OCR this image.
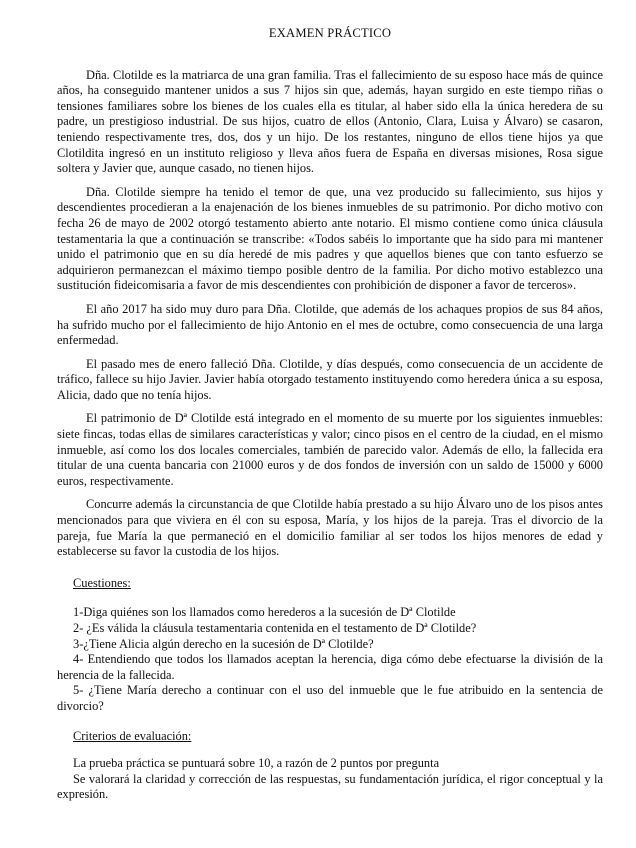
EXAMEN PRÁCTICO

Dña. Clotilde es la matriarca de una gran familia. Tras el fallecimiento de su esposo hace más de quince años, ha conseguido mantener unidos a sus 7 hijos sin que, además, hayan surgido en este tiempo riñas o tensiones familiares sobre los bienes de los cuales ella es titular, al haber sido ella la única heredera de su padre, un prestigioso industrial. De sus hijos, cuatro de ellos (Antonio, Clara, Luisa y Álvaro) se casaron, teniendo respectivamente tres, dos, dos y un hijo. De los restantes, ninguno de ellos tiene hijos ya que Clotildita ingresó en un instituto religioso y lleva años fuera de España en diversas misiones, Rosa sigue soltera y Javier que, aunque casado, no tienen hijos.

Dña. Clotilde siempre ha tenido el temor de que, una vez producido su fallecimiento, sus hijos y descendientes procedieran a la enajenación de los bienes inmuebles de su patrimonio. Por dicho motivo con fecha 26 de mayo de 2002 otorgó testamento abierto ante notario. El mismo contiene como única cláusula testamentaria la que a continuación se transcribe: «Todos sabéis lo importante que ha sido para mi mantener unido el patrimonio que en su día heredé de mis padres y que aquellos bienes que con tanto esfuerzo se adquirieron permanezcan el máximo tiempo posible dentro de la familia. Por dicho motivo establezco una sustitución fideicomisaria a favor de mis descendientes con prohibición de disponer a favor de terceros».

El año 2017 ha sido muy duro para Dña. Clotilde, que además de los achaques propios de sus 84 años, ha sufrido mucho por el fallecimiento de hijo Antonio en el mes de octubre, como consecuencia de una larga enfermedad.

El pasado mes de enero falleció Dña. Clotilde, y días después, como consecuencia de un accidente de tráfico, fallece su hijo Javier. Javier había otorgado testamento instituyendo como heredera única a su esposa, Alicia, dado que no tenía hijos.

El patrimonio de Dª Clotilde está integrado en el momento de su muerte por los siguientes inmuebles: siete fincas, todas ellas de similares características y valor; cinco pisos en el centro de la ciudad, en el mismo inmueble, así como los dos locales comerciales, también de parecido valor. Además de ello, la fallecida era titular de una cuenta bancaria con 21000 euros y de dos fondos de inversión con un saldo de 15000 y 6000 euros, respectivamente.

Concurre además la circunstancia de que Clotilde había prestado a su hijo Álvaro uno de los pisos antes mencionados para que viviera en él con su esposa, María, y los hijos de la pareja. Tras el divorcio de la pareja, fue María la que permaneció en el domicilio familiar al ser todos los hijos menores de edad y establecerse su favor la custodia de los hijos.

Cuestiones:

1-Diga quiénes son los llamados como herederos a la sucesión de Dª Clotilde

2- ¿Es válida la cláusula testamentaria contenida en el testamento de Dª Clotilde?

3-¿Tiene Alicia algún derecho en la sucesión de Dª Clotilde?

4- Entendiendo que todos los llamados aceptan la herencia, diga cómo debe efectuarse la división de la herencia de la fallecida.

5- ¿Tiene María derecho a continuar con el uso del inmueble que le fue atribuido en la sentencia de divorcio?

Criterios de evaluación:

La prueba práctica se puntuará sobre 10, a razón de 2 puntos por pregunta

Se valorará la claridad y corrección de las respuestas, su fundamentación jurídica, el rigor conceptual y la expresión.
